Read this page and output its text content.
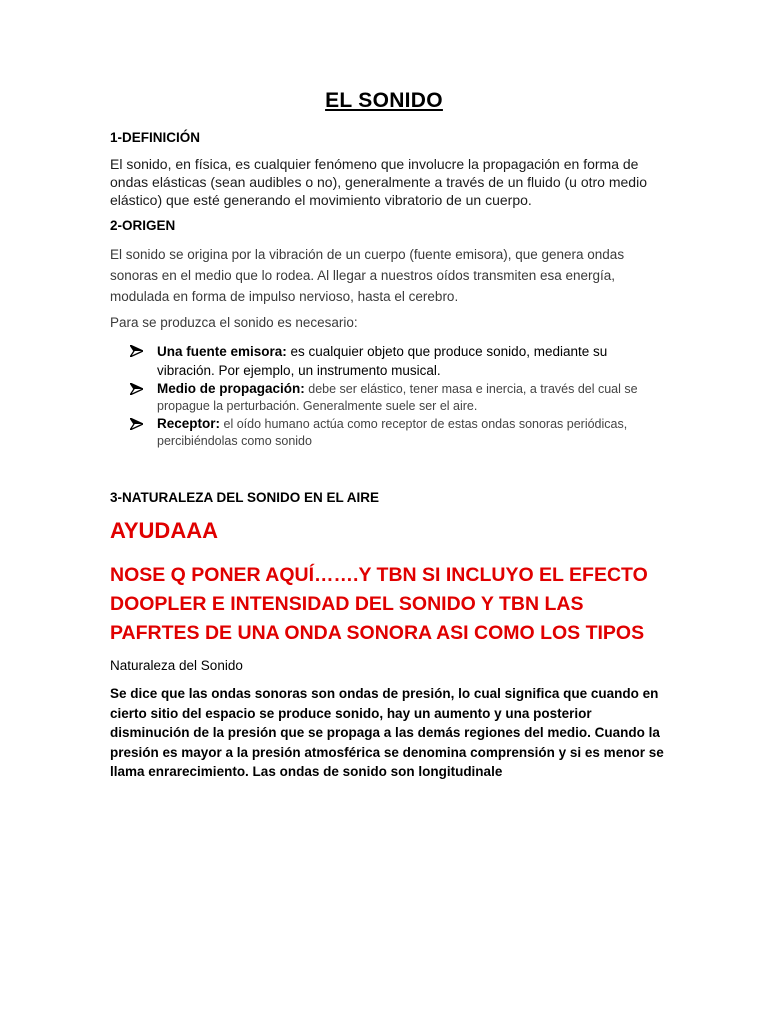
EL SONIDO
1-DEFINICIÓN
El sonido, en física, es cualquier fenómeno que involucre la propagación en forma de ondas elásticas (sean audibles o no), generalmente a través de un fluido (u otro medio elástico) que esté generando el movimiento vibratorio de un cuerpo.
2-ORIGEN
El sonido se origina por la vibración de un cuerpo (fuente emisora), que genera ondas sonoras en el medio que lo rodea. Al llegar a nuestros oídos transmiten esa energía, modulada en forma de impulso nervioso, hasta el cerebro.
Para se produzca el sonido es necesario:
Una fuente emisora: es cualquier objeto que produce sonido, mediante su vibración. Por ejemplo, un instrumento musical.
Medio de propagación: debe ser elástico, tener masa e inercia, a través del cual se propague la perturbación. Generalmente suele ser el aire.
Receptor: el oído humano actúa como receptor de estas ondas sonoras periódicas, percibiéndolas como sonido
3-NATURALEZA DEL SONIDO EN EL AIRE
AYUDAAA
NOSE Q PONER AQUÍ…….Y TBN SI INCLUYO EL EFECTO DOOPLER E INTENSIDAD DEL SONIDO Y TBN LAS PAFRTES DE UNA ONDA SONORA ASI COMO LOS TIPOS
Naturaleza del Sonido
Se dice que las ondas sonoras son ondas de presión, lo cual significa que cuando en cierto sitio del espacio se produce sonido, hay un aumento y una posterior disminución de la presión que se propaga a las demás regiones del medio. Cuando la presión es mayor a la presión atmosférica se denomina comprensión y si es menor se llama enrarecimiento. Las ondas de sonido son longitudinale
